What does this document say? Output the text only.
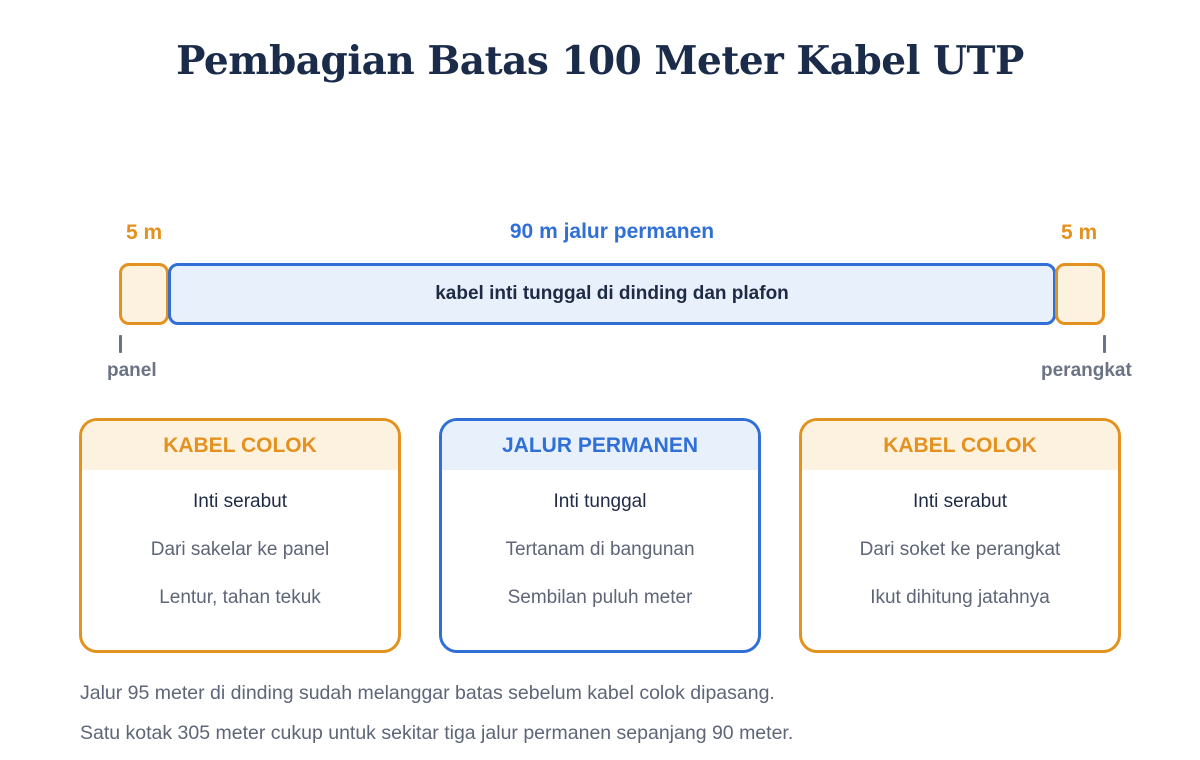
Pembagian Batas 100 Meter Kabel UTP
5 m	90 m jalur permanen	5 m
kabel inti tunggal di dinding dan plafon
panel	perangkat
KABEL COLOK
Inti serabut
Dari sakelar ke panel
Lentur, tahan tekuk
JALUR PERMANEN
Inti tunggal
Tertanam di bangunan
Sembilan puluh meter
KABEL COLOK
Inti serabut
Dari soket ke perangkat
Ikut dihitung jatahnya
Jalur 95 meter di dinding sudah melanggar batas sebelum kabel colok dipasang.
Satu kotak 305 meter cukup untuk sekitar tiga jalur permanen sepanjang 90 meter.
